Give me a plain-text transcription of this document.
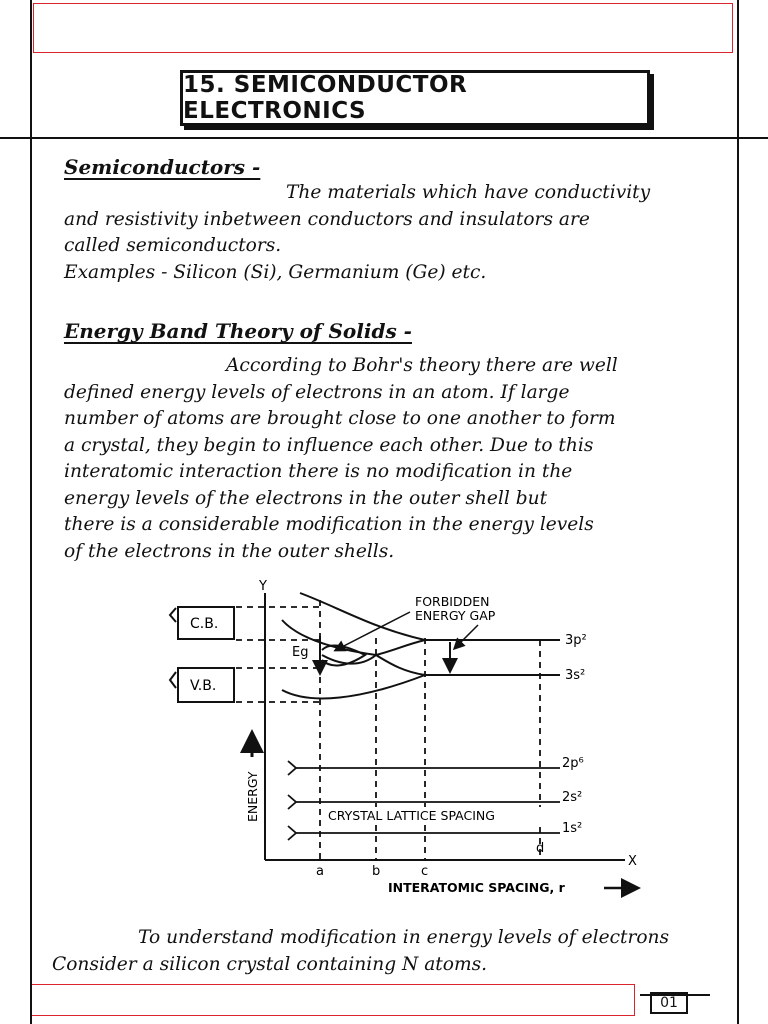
15. SEMICONDUCTOR ELECTRONICS
Semiconductors -
The materials which have conductivity
and resistivity inbetween conductors and insulators are
called semiconductors.
Examples - Silicon (Si), Germanium (Ge) etc.
Energy Band Theory of Solids -
According to Bohr's theory there are well
defined energy levels of electrons in an atom. If large
number of atoms are brought close to one another to form
a crystal, they begin to influence each other. Due to this
interatomic interaction there is no modification in the
energy levels of the electrons in the outer shell but
there is a considerable modification in the energy levels
of the electrons in the outer shells.
Y
X
C.B.
V.B.
Eg
FORBIDDEN
ENERGY GAP
3p²
3s²
2p⁶
2s²
1s²
CRYSTAL LATTICE SPACING
ENERGY
a	b	c
d
INTERATOMIC SPACING, r
To understand modification in energy levels of electrons
Consider a silicon crystal containing N atoms.
01
